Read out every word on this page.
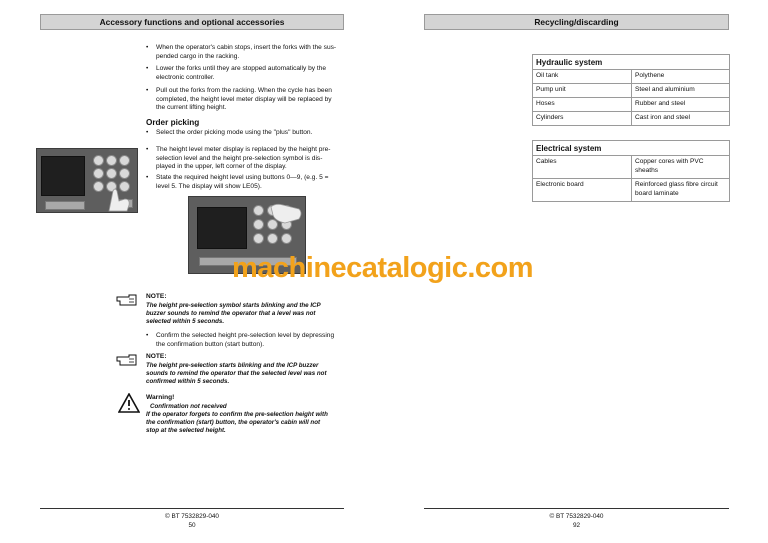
Accessory functions and optional accessories
• When the operator's cabin stops, insert the forks with the sus-
pended cargo in the racking.
• Lower the forks until they are stopped automatically by the
electronic controller.
• Pull out the forks from the racking. When the cycle has been
completed, the height level meter display will be replaced by
the current lifting height.
Order picking
• Select the order picking mode using the "plus" button.
• The height level meter display is replaced by the height pre-
selection level and the height pre-selection symbol is dis-
played in the upper, left corner of the display.
• State the required height level using buttons 0—9, (e.g. 5 =
level 5. The display will show LE05).
NOTE:
The height pre-selection symbol starts blinking and the ICP
buzzer sounds to remind the operator that a level was not
selected within 5 seconds.
• Confirm the selected height pre-selection level by depressing
the confirmation button (start button).
NOTE:
The height pre-selection starts blinking and the ICP buzzer
sounds to remind the operator that the selected level was not
confirmed within 5 seconds.
Warning!
Confirmation not received
If the operator forgets to confirm the pre-selection height with
the confirmation (start) button, the operator's cabin will not
stop at the selected height.
© BT 7532829-040
50
Recycling/discarding
Hydraulic system	
Oil tank	Polythene
Pump unit	Steel and aluminium
Hoses	Rubber and steel
Cylinders	Cast iron and steel
Electrical system	
Cables	Copper cores with PVC
sheaths

Electronic board	Reinforced glass fibre circuit
board laminate
© BT 7532829-040
92
machinecatalogic.com
